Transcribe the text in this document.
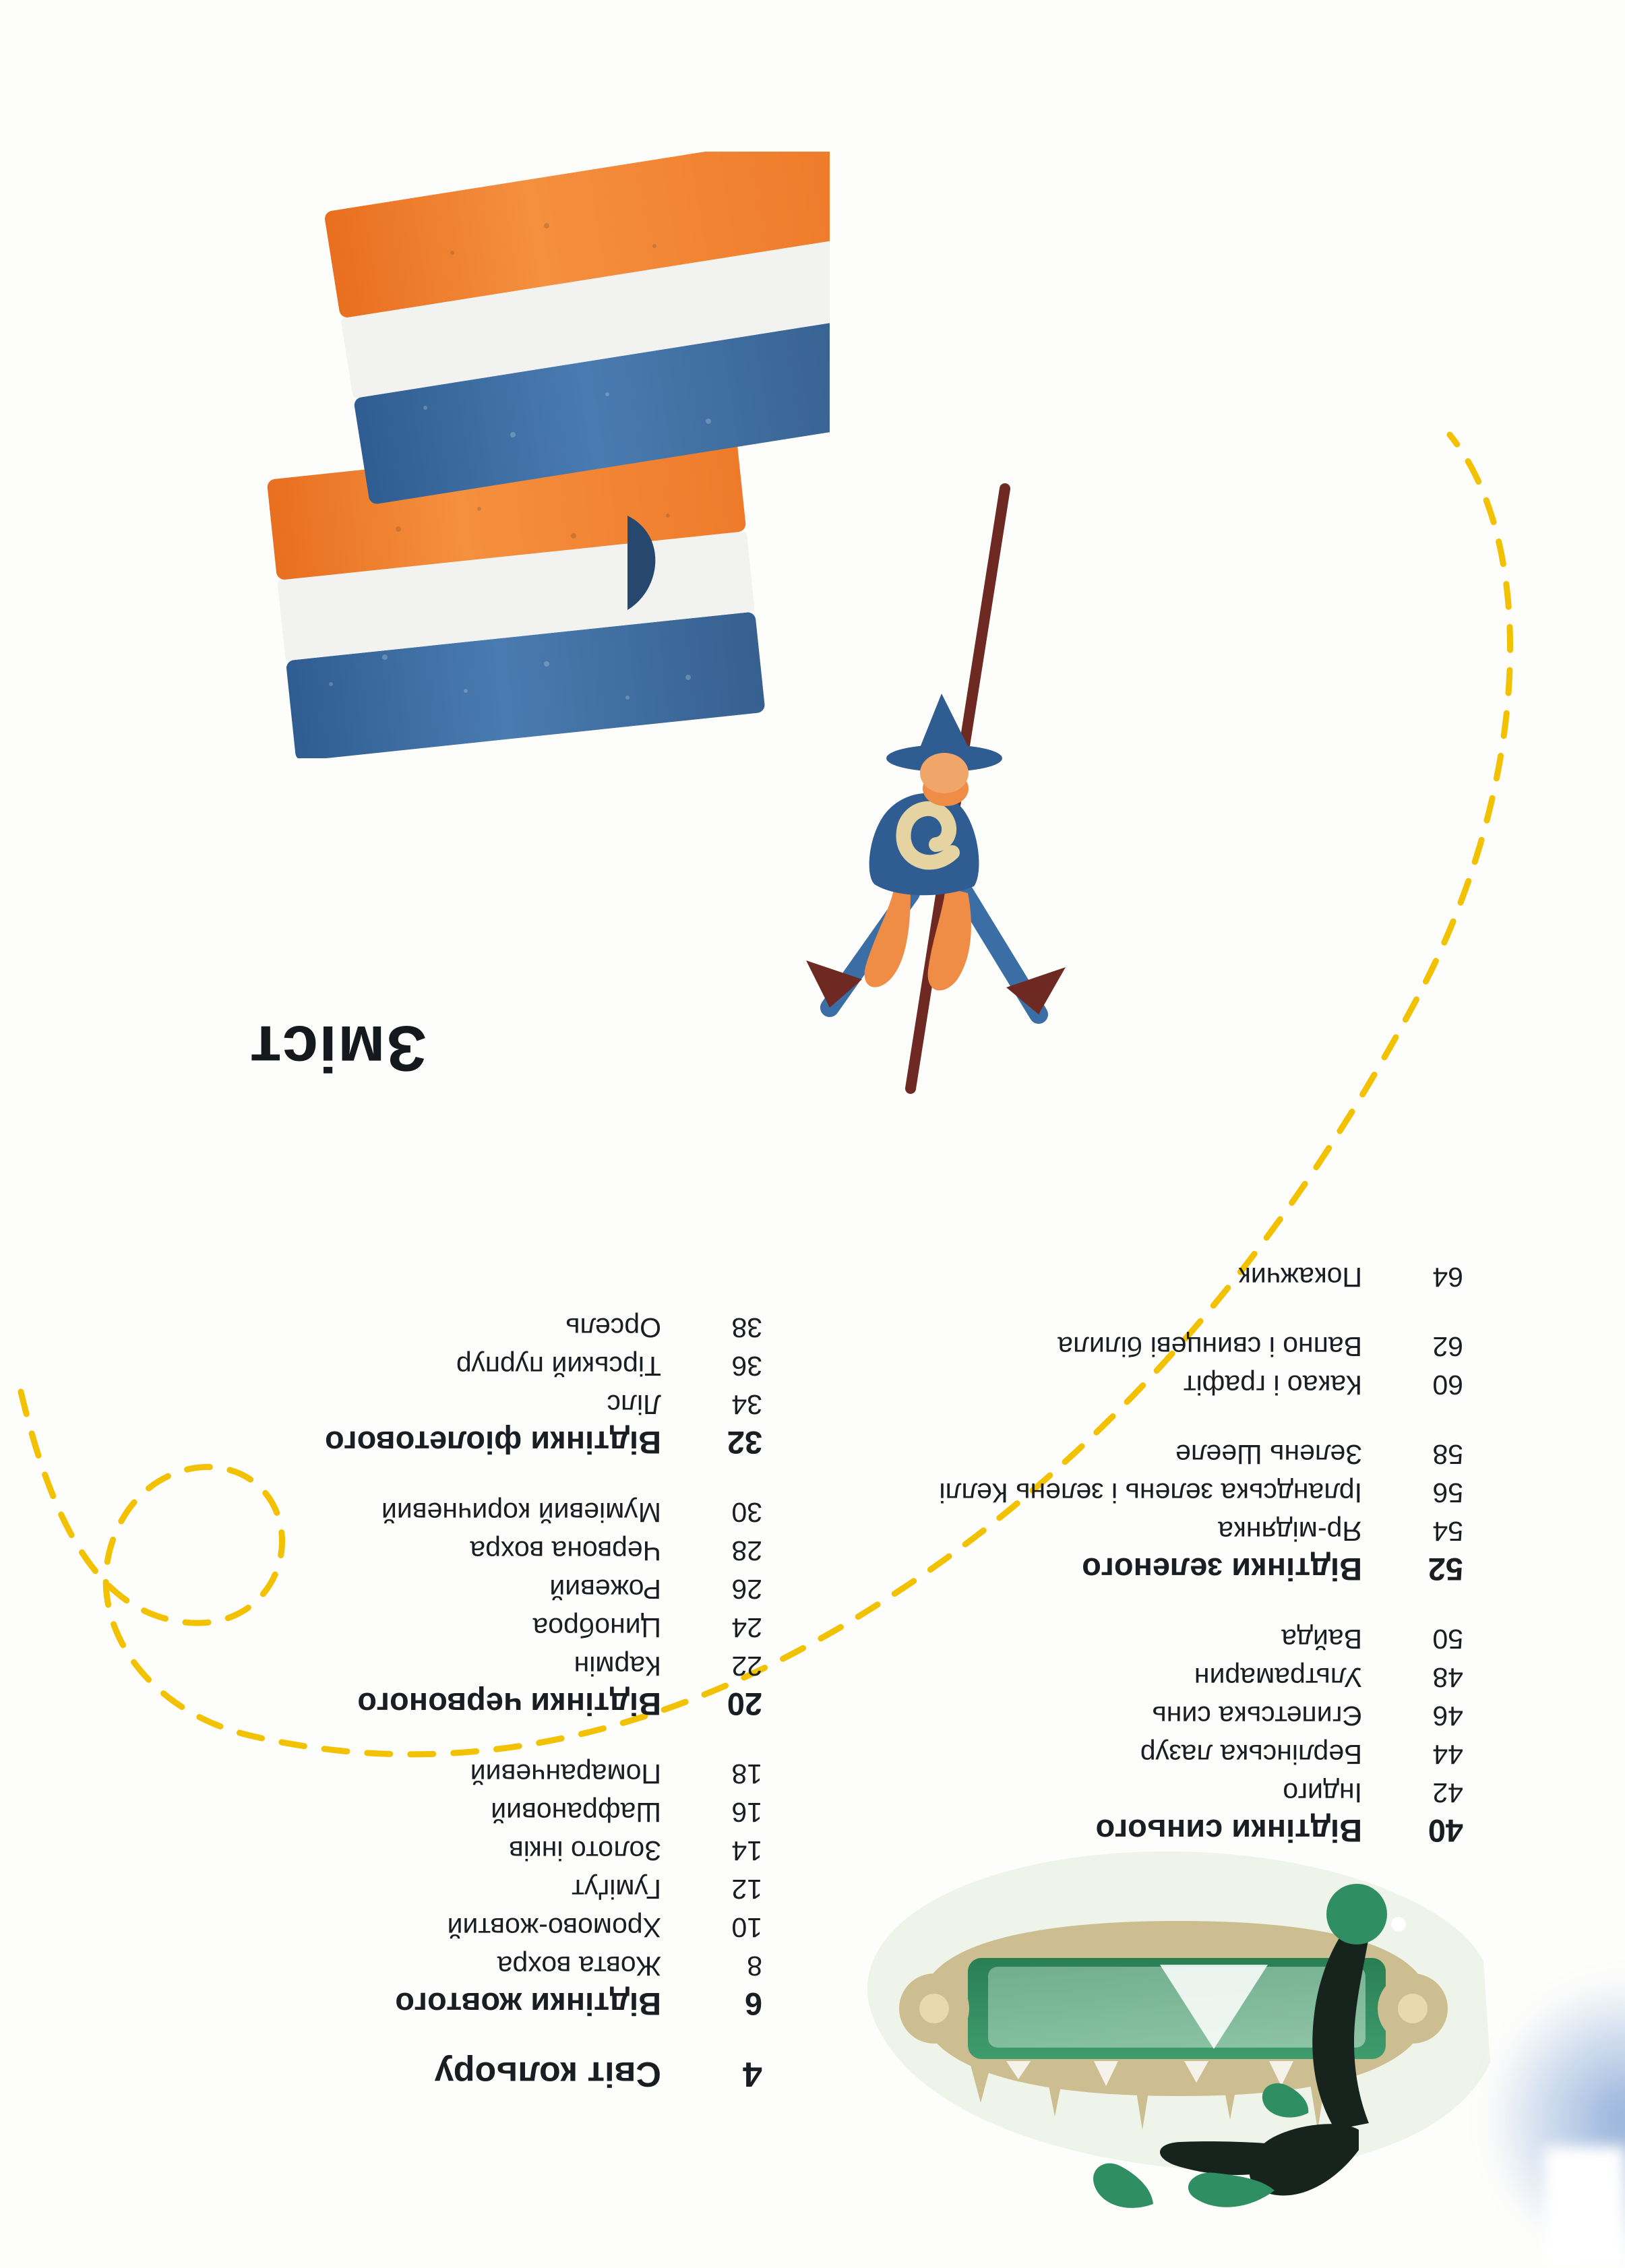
Зміст
4
Світ кольору
6
Відтінки жовтого
8
Жовта вохра
10
Хромово-жовтий
12
Гуміґут
14
Золото інків
16
Шафрановий
18
Помаранчевий
20
Відтінки червоного
22
Кармін
24
Циноброа
26
Рожевий
28
Червона вохра
30
Муміевий коричневий
32
Відтінки фіолетового
34
Лілс
36
Тірський пурпур
38
Орсель
40
Відтінки синього
42
Індиго
44
Берлінська лазур
46
Єгипетська синь
48
Ультрамарин
50
Вайда
52
Відтінки зеленого
54
Яр-мідянка
56
Ірландська зелень і зелень Келлі
58
Зелень Шееле
60
Какао і графіт
62
Вапно і свинцеві білила
64
Покажчик
